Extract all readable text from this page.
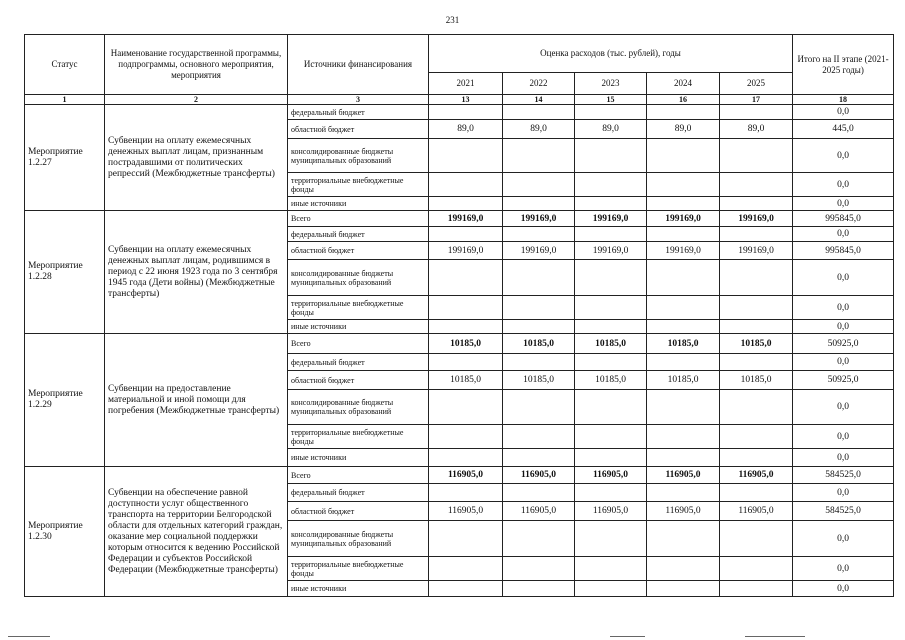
231
Статус	Наименование государственной программы, подпрограммы, основного мероприятия, мероприятия	Источники финансирования	Оценка расходов (тыс. рублей), годы					Итого на II этапе (2021-2025 годы)
			2021	2022	2023	2024	2025	
1	2	3	13	14	15	16	17	18
Мероприятие 1.2.27	Субвенции на оплату ежемесячных денежных выплат лицам, признанным пострадавшими от политических репрессий (Межбюджетные трансферты)	федеральный бюджет						0,0
		областной бюджет	89,0	89,0	89,0	89,0	89,0	445,0
		консолидированные бюджеты муниципальных образований						0,0
		территориальные внебюджетные фонды						0,0
		иные источники						0,0
Мероприятие 1.2.28	Субвенции на оплату ежемесячных денежных выплат лицам, родившимся в период с 22 июня 1923 года по 3 сентября 1945 года (Дети войны) (Межбюджетные трансферты)	Всего	199169,0	199169,0	199169,0	199169,0	199169,0	995845,0
		федеральный бюджет						0,0
		областной бюджет	199169,0	199169,0	199169,0	199169,0	199169,0	995845,0
		консолидированные бюджеты муниципальных образований						0,0
		территориальные внебюджетные фонды						0,0
		иные источники						0,0
Мероприятие 1.2.29	Субвенции на предоставление материальной и иной помощи для погребения (Межбюджетные трансферты)	Всего	10185,0	10185,0	10185,0	10185,0	10185,0	50925,0
		федеральный бюджет						0,0
		областной бюджет	10185,0	10185,0	10185,0	10185,0	10185,0	50925,0
		консолидированные бюджеты муниципальных образований						0,0
		территориальные внебюджетные фонды						0,0
		иные источники						0,0
Мероприятие 1.2.30	Субвенции на обеспечение равной доступности услуг общественного транспорта на территории Белгородской области для отдельных категорий граждан, оказание мер социальной поддержки которым относится к ведению Российской Федерации и субъектов Российской Федерации (Межбюджетные трансферты)	Всего	116905,0	116905,0	116905,0	116905,0	116905,0	584525,0
		федеральный бюджет						0,0
		областной бюджет	116905,0	116905,0	116905,0	116905,0	116905,0	584525,0
		консолидированные бюджеты муниципальных образований						0,0
		территориальные внебюджетные фонды						0,0
		иные источники						0,0
